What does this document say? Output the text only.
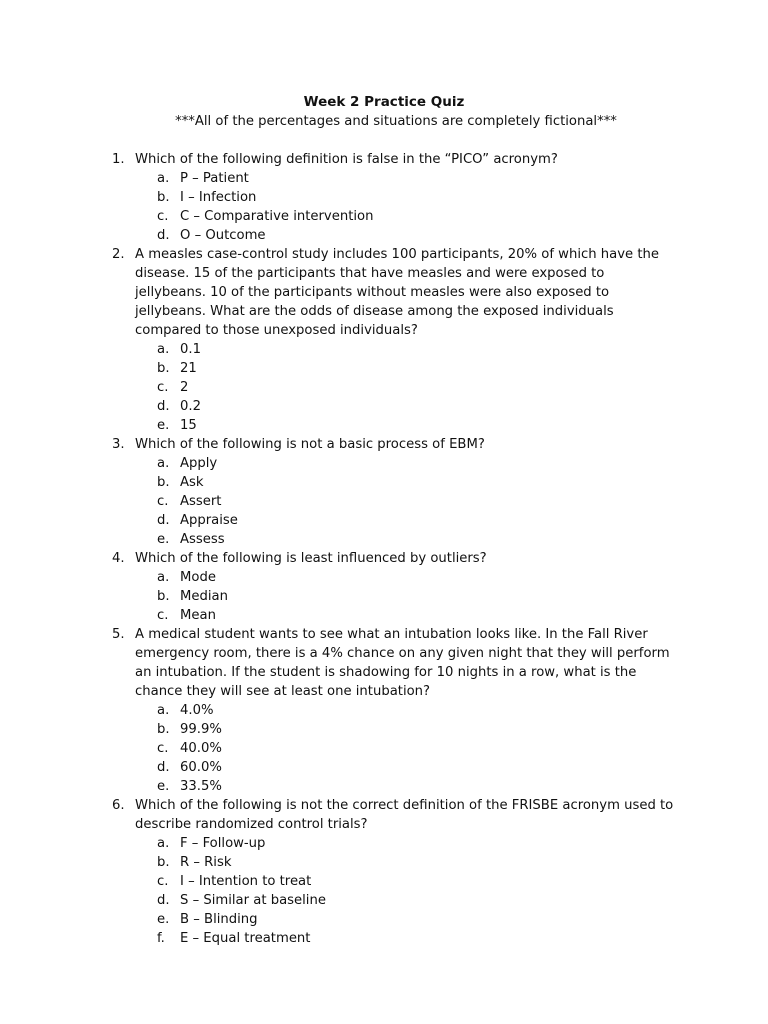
Week 2 Practice Quiz
***All of the percentages and situations are completely fictional***
1. Which of the following definition is false in the “PICO” acronym?
a. P – Patient
b. I – Infection
c. C – Comparative intervention
d. O – Outcome
2. A measles case-control study includes 100 participants, 20% of which have the disease. 15 of the participants that have measles and were exposed to jellybeans. 10 of the participants without measles were also exposed to jellybeans. What are the odds of disease among the exposed individuals compared to those unexposed individuals?
a. 0.1
b. 21
c. 2
d. 0.2
e. 15
3. Which of the following is not a basic process of EBM?
a. Apply
b. Ask
c. Assert
d. Appraise
e. Assess
4. Which of the following is least influenced by outliers?
a. Mode
b. Median
c. Mean
5. A medical student wants to see what an intubation looks like. In the Fall River emergency room, there is a 4% chance on any given night that they will perform an intubation. If the student is shadowing for 10 nights in a row, what is the chance they will see at least one intubation?
a. 4.0%
b. 99.9%
c. 40.0%
d. 60.0%
e. 33.5%
6. Which of the following is not the correct definition of the FRISBE acronym used to describe randomized control trials?
a. F – Follow-up
b. R – Risk
c. I – Intention to treat
d. S – Similar at baseline
e. B – Blinding
f. E – Equal treatment
